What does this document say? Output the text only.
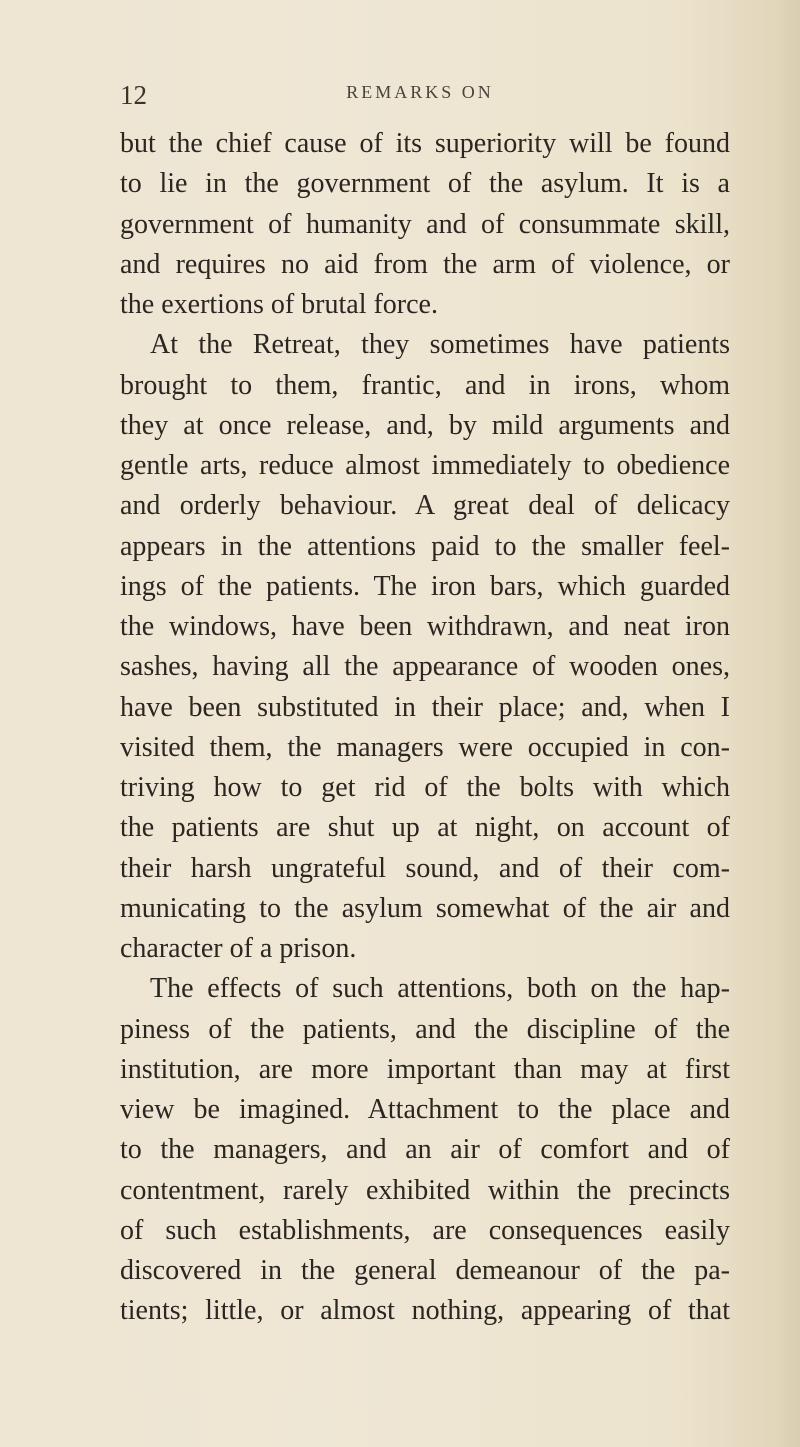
12	REMARKS ON
but the chief cause of its superiority will be found
to lie in the government of the asylum. It is a
government of humanity and of consummate skill,
and requires no aid from the arm of violence, or
the exertions of brutal force.
At the Retreat, they sometimes have patients
brought to them, frantic, and in irons, whom
they at once release, and, by mild arguments and
gentle arts, reduce almost immediately to obedience
and orderly behaviour. A great deal of delicacy
appears in the attentions paid to the smaller feel-
ings of the patients. The iron bars, which guarded
the windows, have been withdrawn, and neat iron
sashes, having all the appearance of wooden ones,
have been substituted in their place; and, when I
visited them, the managers were occupied in con-
triving how to get rid of the bolts with which
the patients are shut up at night, on account of
their harsh ungrateful sound, and of their com-
municating to the asylum somewhat of the air and
character of a prison.
The effects of such attentions, both on the hap-
piness of the patients, and the discipline of the
institution, are more important than may at first
view be imagined. Attachment to the place and
to the managers, and an air of comfort and of
contentment, rarely exhibited within the precincts
of such establishments, are consequences easily
discovered in the general demeanour of the pa-
tients; little, or almost nothing, appearing of that
